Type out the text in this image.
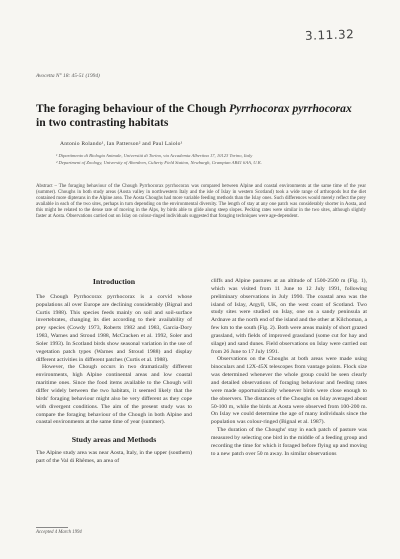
3.11.32
Avocetta N° 18: 45-51 (1994)
The foraging behaviour of the Chough Pyrrhocorax pyrrhocorax
in two contrasting habitats
Antonio Rolando¹, Ian Patterson² and Paul Laiolo¹
¹ Dipartimento di Biologia Animale, Università di Torino, via Accademia Albertina 17, 10123 Torino, Italy
² Department of Zoology, University of Aberdeen, Culterty Field Station, Newburgh, Grampian AB41 6AA, U.K.

Abstract – The foraging behaviour of the Chough Pyrrhocorax pyrrhocorax was compared between Alpine and coastal environments at the same time of the year (summer). Choughs in both study areas (Aosta valley in northwestern Italy and the isle of Islay in western Scotland) took a wide range of arthropods but the diet contained more dipterans in the Alpine area. The Aosta Choughs had more variable feeding methods than the Islay ones. Such differences would merely reflect the prey available in each of the two sites, perhaps in turn depending on the environmental diversity. The length of stay at any one patch was considerably shorter in Aosta, and this might be related to the dense rate of moving in the Alps, by birds able to glide along steep slopes. Pecking rates were similar in the two sites, although slightly faster at Aosta. Observations carried out on Islay on colour-ringed individuals suggested that foraging techniques were age-dependent.

Introduction

The Chough Pyrrhocorax pyrrhocorax is a corvid whose populations all over Europe are declining considerably (Bignal and Curtis 1988). This species feeds mainly on soil and soil-surface invertebrates, changing its diet according to their availability of prey species (Cowdy 1973, Roberts 1982 and 1983, Garcia-Dory 1983, Warnes and Stroud 1988, McCracken et al. 1992, Soler and Soler 1993). In Scotland birds show seasonal variation in the use of vegetation patch types (Warnes and Stroud 1988) and display different activities in different patches (Curtis et al. 1988).

However, the Chough occurs in two dramatically different environments, high Alpine continental areas and low coastal maritime ones. Since the food items available to the Chough will differ widely between the two habitats, it seemed likely that the birds' foraging behaviour might also be very different as they cope with divergent conditions. The aim of the present study was to compare the foraging behaviour of the Chough in both Alpine and coastal environments at the same time of year (summer).

Study areas and Methods

The Alpine study area was near Aosta, Italy, in the upper (southern) part of the Val di Rhêmes, an area of

cliffs and Alpine pastures at an altitude of 1500-2500 m (Fig. 1), which was visited from 11 June to 12 July 1991, following preliminary observations in July 1990. The coastal area was the island of Islay, Argyll, UK, on the west coast of Scotland. Two study sites were studied on Islay, one on a sandy peninsula at Ardnave at the north end of the island and the other at Kilchoman, a few km to the south (Fig. 2). Both were areas mainly of short grazed grassland, with fields of improved grassland (some cut for hay and silage) and sand dunes. Field observations on Islay were carried out from 26 June to 17 July 1991.

Observations on the Choughs at both areas were made using binoculars and 12X-45X telescopes from vantage points. Flock size was determined whenever the whole group could be seen clearly and detailed observations of foraging behaviour and feeding rates were made opportunistically whenever birds were close enough to the observers. The distances of the Choughs on Islay averaged about 50-100 m, while the birds at Aosta were observed from 100-200 m. On Islay we could determine the age of many individuals since the population was colour-ringed (Bignal et al. 1987).

The duration of the Choughs' stay in each patch of pasture was measured by selecting one bird in the middle of a feeding group and recording the time for which it foraged before flying up and moving to a new patch over 50 m away. In similar observations

Accepted 4 March 1994
